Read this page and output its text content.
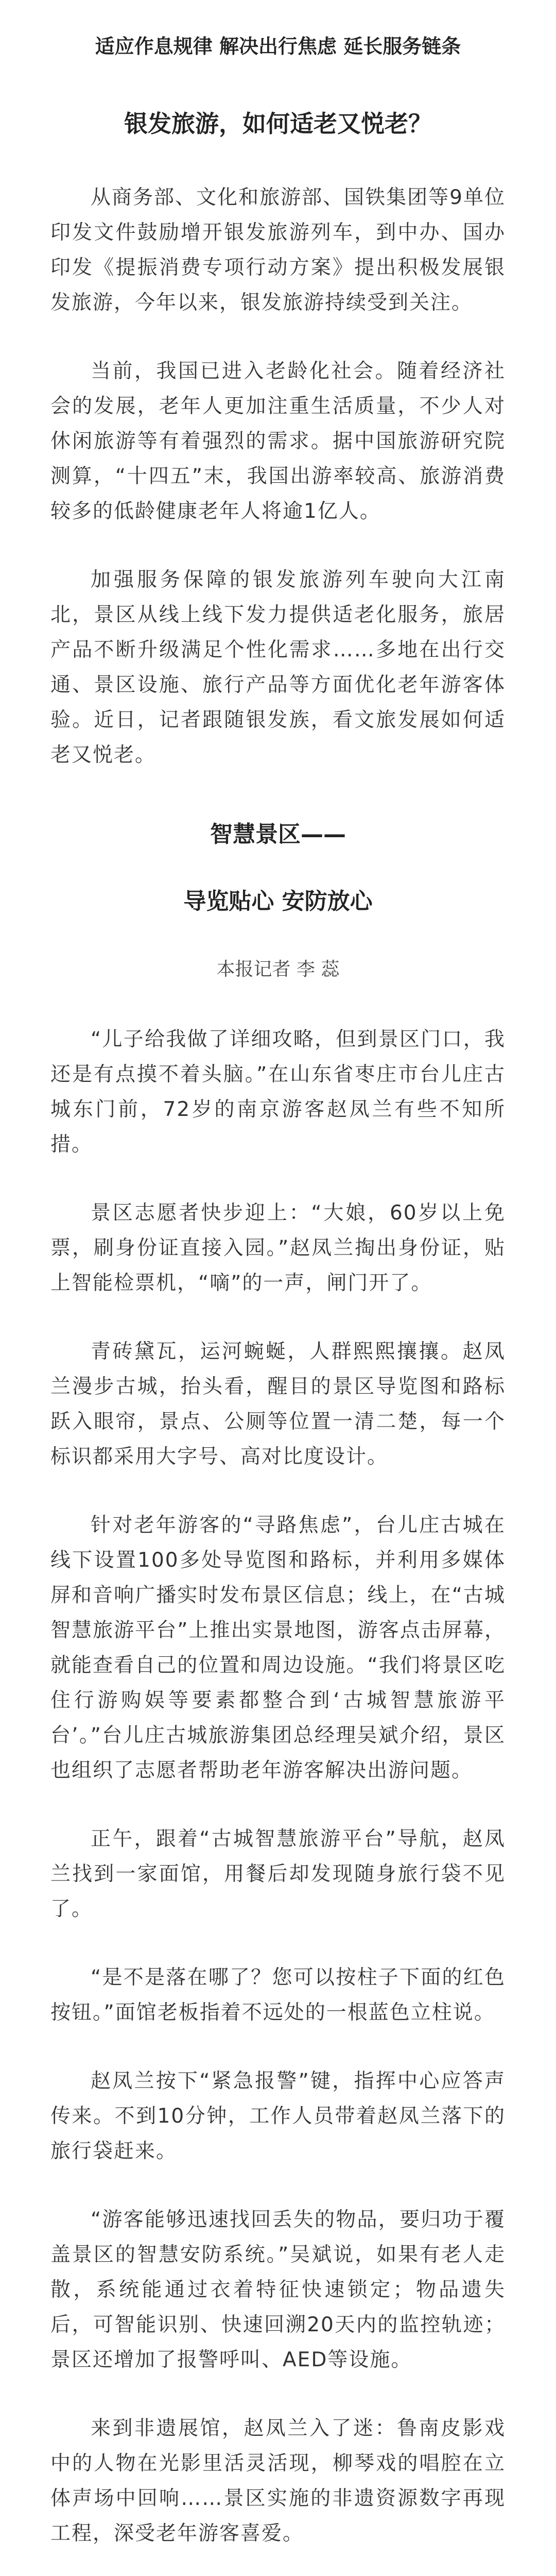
适应作息规律 解决出行焦虑 延长服务链条
银发旅游，如何适老又悦老？

从商务部、文化和旅游部、国铁集团等9单位印发文件鼓励增开银发旅游列车，到中办、国办印发《提振消费专项行动方案》提出积极发展银发旅游，今年以来，银发旅游持续受到关注。

当前，我国已进入老龄化社会。随着经济社会的发展，老年人更加注重生活质量，不少人对休闲旅游等有着强烈的需求。据中国旅游研究院测算，“十四五”末，我国出游率较高、旅游消费较多的低龄健康老年人将逾1亿人。

加强服务保障的银发旅游列车驶向大江南北，景区从线上线下发力提供适老化服务，旅居产品不断升级满足个性化需求……多地在出行交通、景区设施、旅行产品等方面优化老年游客体验。近日，记者跟随银发族，看文旅发展如何适老又悦老。

智慧景区——
导览贴心 安防放心
本报记者 李 蕊

“儿子给我做了详细攻略，但到景区门口，我还是有点摸不着头脑。”在山东省枣庄市台儿庄古城东门前，72岁的南京游客赵凤兰有些不知所措。

景区志愿者快步迎上：“大娘，60岁以上免票，刷身份证直接入园。”赵凤兰掏出身份证，贴上智能检票机，“嘀”的一声，闸门开了。

青砖黛瓦，运河蜿蜒，人群熙熙攘攘。赵凤兰漫步古城，抬头看，醒目的景区导览图和路标跃入眼帘，景点、公厕等位置一清二楚，每一个标识都采用大字号、高对比度设计。

针对老年游客的“寻路焦虑”，台儿庄古城在线下设置100多处导览图和路标，并利用多媒体屏和音响广播实时发布景区信息；线上，在“古城智慧旅游平台”上推出实景地图，游客点击屏幕，就能查看自己的位置和周边设施。“我们将景区吃住行游购娱等要素都整合到‘古城智慧旅游平台’。”台儿庄古城旅游集团总经理吴斌介绍，景区也组织了志愿者帮助老年游客解决出游问题。

正午，跟着“古城智慧旅游平台”导航，赵凤兰找到一家面馆，用餐后却发现随身旅行袋不见了。

“是不是落在哪了？您可以按柱子下面的红色按钮。”面馆老板指着不远处的一根蓝色立柱说。

赵凤兰按下“紧急报警”键，指挥中心应答声传来。不到10分钟，工作人员带着赵凤兰落下的旅行袋赶来。

“游客能够迅速找回丢失的物品，要归功于覆盖景区的智慧安防系统。”吴斌说，如果有老人走散，系统能通过衣着特征快速锁定；物品遗失后，可智能识别、快速回溯20天内的监控轨迹；景区还增加了报警呼叫、AED等设施。

来到非遗展馆，赵凤兰入了迷：鲁南皮影戏中的人物在光影里活灵活现，柳琴戏的唱腔在立体声场中回响……景区实施的非遗资源数字再现工程，深受老年游客喜爱。
